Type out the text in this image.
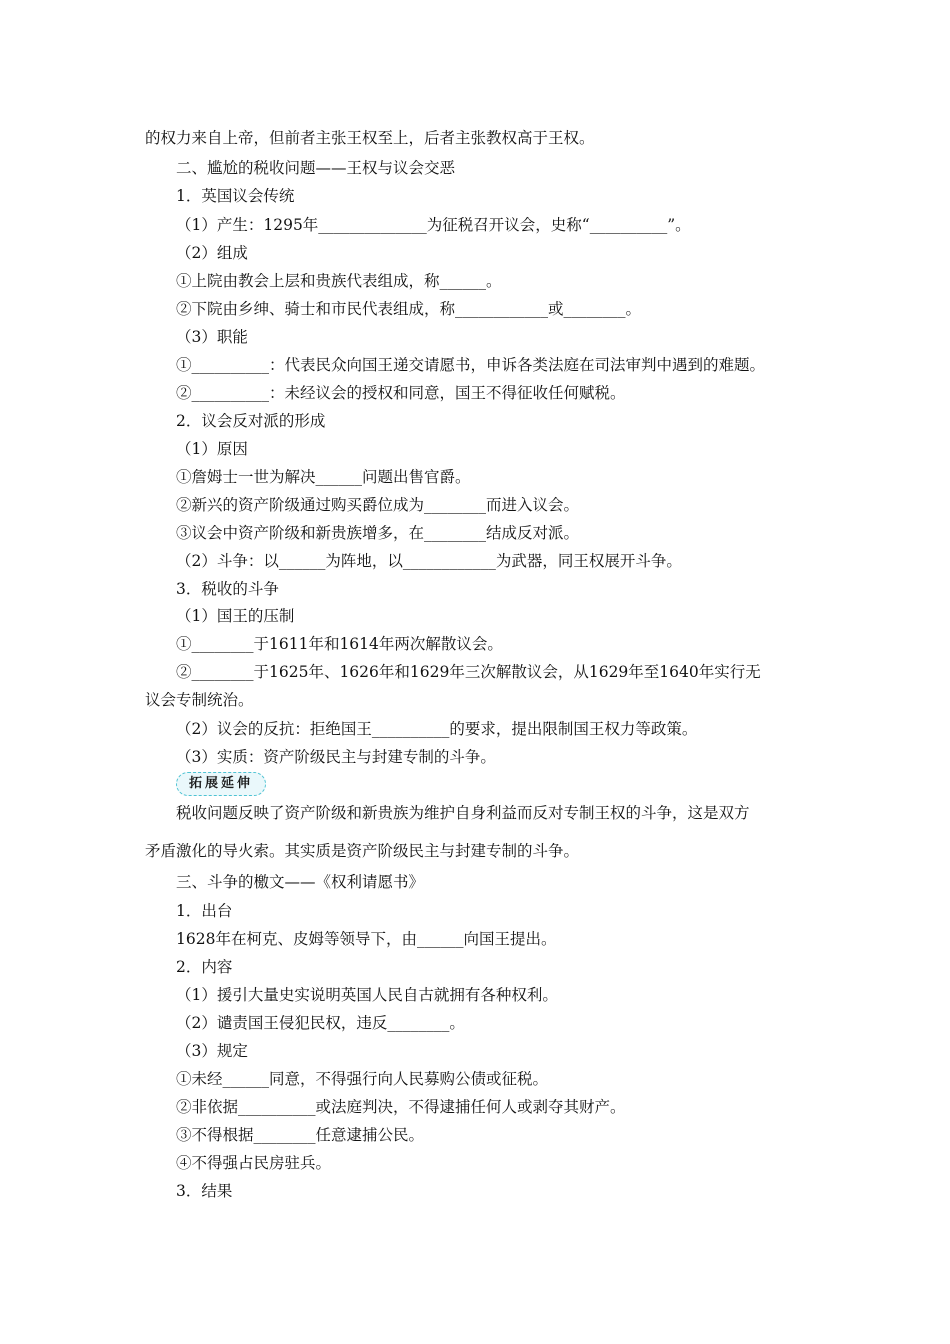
的权力来自上帝，但前者主张王权至上，后者主张教权高于王权。
二、尴尬的税收问题——王权与议会交恶
1．英国议会传统
（1）产生：1295年______________为征税召开议会，史称“__________”。
（2）组成
①上院由教会上层和贵族代表组成，称______。
②下院由乡绅、骑士和市民代表组成，称____________或________。
（3）职能
①__________：代表民众向国王递交请愿书，申诉各类法庭在司法审判中遇到的难题。
②__________：未经议会的授权和同意，国王不得征收任何赋税。
2．议会反对派的形成
（1）原因
①詹姆士一世为解决______问题出售官爵。
②新兴的资产阶级通过购买爵位成为________而进入议会。
③议会中资产阶级和新贵族增多，在________结成反对派。
（2）斗争：以______为阵地，以____________为武器，同王权展开斗争。
3．税收的斗争
（1）国王的压制
①________于1611年和1614年两次解散议会。
②________于1625年、1626年和1629年三次解散议会，从1629年至1640年实行无
议会专制统治。
（2）议会的反抗：拒绝国王__________的要求，提出限制国王权力等政策。
（3）实质：资产阶级民主与封建专制的斗争。
拓展延伸
税收问题反映了资产阶级和新贵族为维护自身利益而反对专制王权的斗争，这是双方
矛盾激化的导火索。其实质是资产阶级民主与封建专制的斗争。
三、斗争的檄文——《权利请愿书》
1．出台
1628年在柯克、皮姆等领导下，由______向国王提出。
2．内容
（1）援引大量史实说明英国人民自古就拥有各种权利。
（2）谴责国王侵犯民权，违反________。
（3）规定
①未经______同意，不得强行向人民募购公债或征税。
②非依据__________或法庭判决，不得逮捕任何人或剥夺其财产。
③不得根据________任意逮捕公民。
④不得强占民房驻兵。
3．结果
